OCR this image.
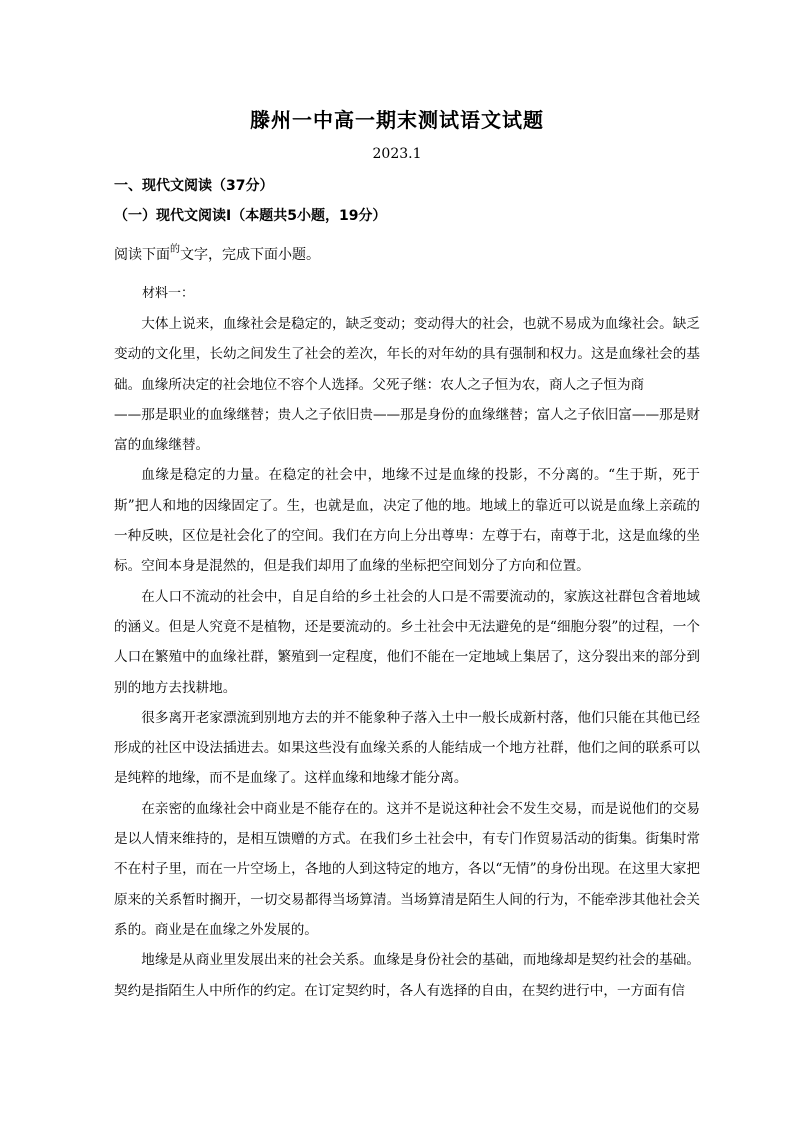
滕州一中高一期末测试语文试题
2023.1
一、现代文阅读（37分）
（一）现代文阅读Ⅰ（本题共5小题，19分）
阅读下面$^的$文字，完成下面小题。
材料一：

大体上说来，血缘社会是稳定的，缺乏变动；变动得大的社会，也就不易成为血缘社会。缺乏变动的文化里，长幼之间发生了社会的差次，年长的对年幼的具有强制和权力。这是血缘社会的基础。血缘所决定的社会地位不容个人选择。父死子继：农人之子恒为农，商人之子恒为商

——那是职业的血缘继替；贵人之子依旧贵——那是身份的血缘继替；富人之子依旧富——那是财富的血缘继替。

血缘是稳定的力量。在稳定的社会中，地缘不过是血缘的投影，不分离的。“生于斯，死于斯”把人和地的因缘固定了。生，也就是血，决定了他的地。地域上的靠近可以说是血缘上亲疏的一种反映，区位是社会化了的空间。我们在方向上分出尊卑：左尊于右，南尊于北，这是血缘的坐标。空间本身是混然的，但是我们却用了血缘的坐标把空间划分了方向和位置。

在人口不流动的社会中，自足自给的乡土社会的人口是不需要流动的，家族这社群包含着地域的涵义。但是人究竟不是植物，还是要流动的。乡土社会中无法避免的是“细胞分裂”的过程，一个人口在繁殖中的血缘社群，繁殖到一定程度，他们不能在一定地域上集居了，这分裂出来的部分到别的地方去找耕地。

很多离开老家漂流到别地方去的并不能象种子落入土中一般长成新村落，他们只能在其他已经形成的社区中设法插进去。如果这些没有血缘关系的人能结成一个地方社群，他们之间的联系可以是纯粹的地缘，而不是血缘了。这样血缘和地缘才能分离。

在亲密的血缘社会中商业是不能存在的。这并不是说这种社会不发生交易，而是说他们的交易是以人情来维持的，是相互馈赠的方式。在我们乡土社会中，有专门作贸易活动的街集。街集时常不在村子里，而在一片空场上，各地的人到这特定的地方，各以“无情”的身份出现。在这里大家把原来的关系暂时搁开，一切交易都得当场算清。当场算清是陌生人间的行为，不能牵涉其他社会关系的。商业是在血缘之外发展的。

地缘是从商业里发展出来的社会关系。血缘是身份社会的基础，而地缘却是契约社会的基础。契约是指陌生人中所作的约定。在订定契约时，各人有选择的自由，在契约进行中，一方面有信
